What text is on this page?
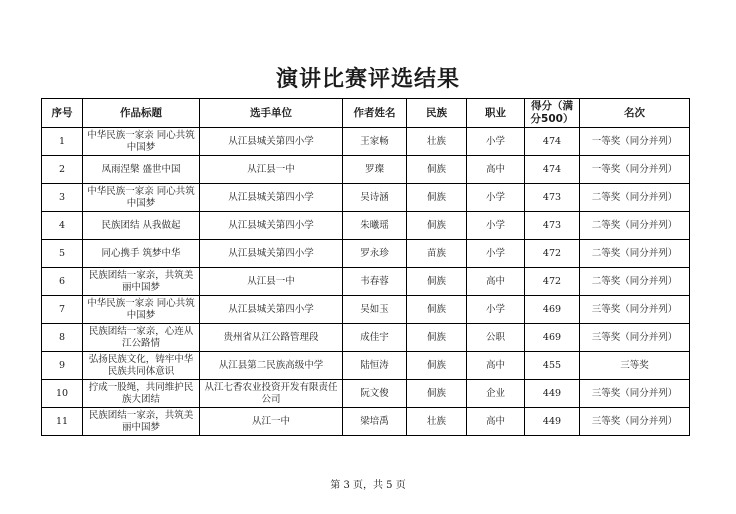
演讲比赛评选结果
序号	作品标题	选手单位	作者姓名	民族	职业	得分（满分500）	名次
1	中华民族一家亲 同心共筑中国梦	从江县城关第四小学	王家畅	壮族	小学	474	一等奖（同分并列）
2	凤雨涅槃 盛世中国	从江县一中	罗璨	侗族	高中	474	一等奖（同分并列）
3	中华民族一家亲 同心共筑中国梦	从江县城关第四小学	吴诗涵	侗族	小学	473	二等奖（同分并列）
4	民族团结 从我做起	从江县城关第四小学	朱曦瑶	侗族	小学	473	二等奖（同分并列）
5	同心携手 筑梦中华	从江县城关第四小学	罗永珍	苗族	小学	472	二等奖（同分并列）
6	民族团结一家亲，共筑美丽中国梦	从江县一中	韦春蓉	侗族	高中	472	二等奖（同分并列）
7	中华民族一家亲 同心共筑中国梦	从江县城关第四小学	吴如玉	侗族	小学	469	三等奖（同分并列）
8	民族团结一家亲，心连从江公路情	贵州省从江公路管理段	成佳宇	侗族	公职	469	三等奖（同分并列）
9	弘扬民族文化，铸牢中华民族共同体意识	从江县第二民族高级中学	陆恒涛	侗族	高中	455	三等奖
10	拧成一股绳，共同维护民族大团结	从江七香农业投资开发有限责任公司	阮文俊	侗族	企业	449	三等奖（同分并列）
11	民族团结一家亲，共筑美丽中国梦	从江一中	梁培禹	壮族	高中	449	三等奖（同分并列）
第 3 页，共 5 页
